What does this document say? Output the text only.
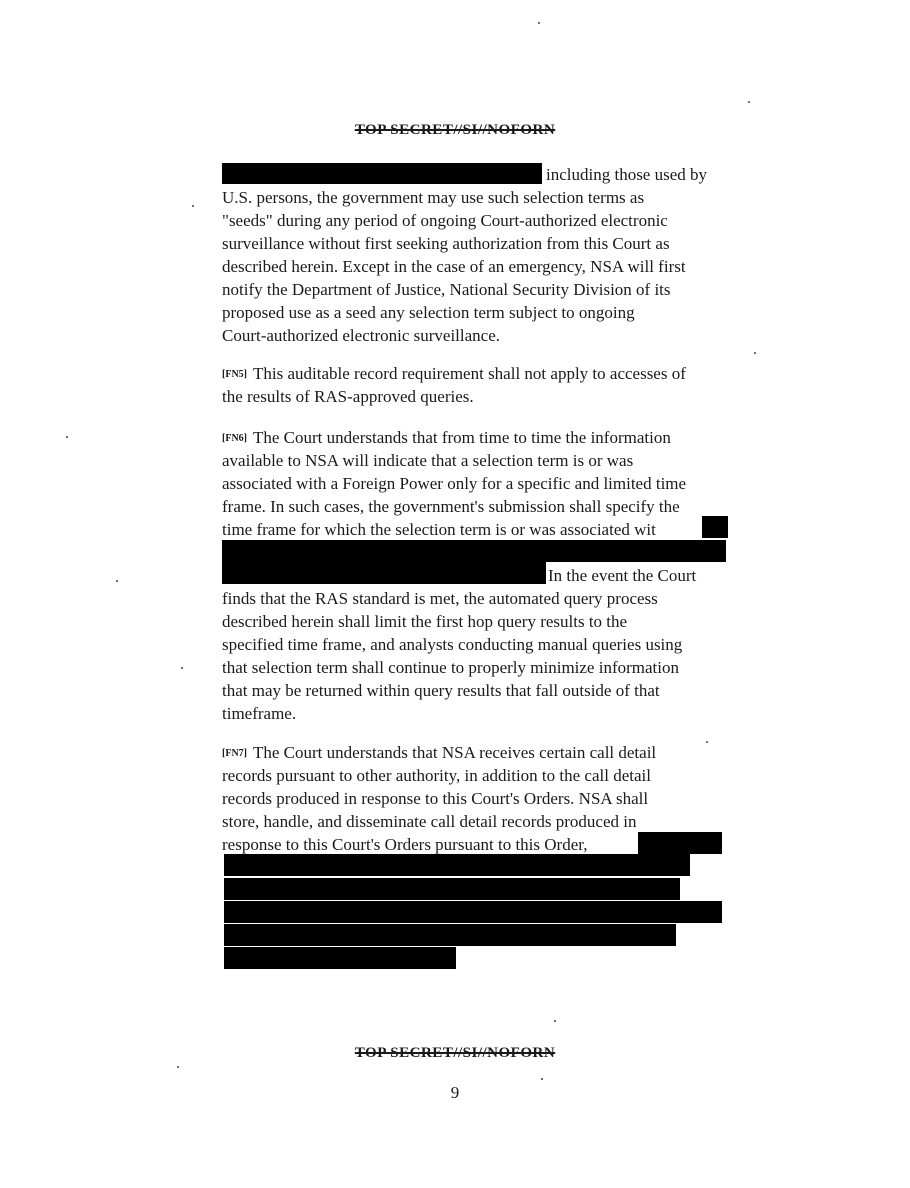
TOP SECRET//SI//NOFORN
including those used by
U.S. persons, the government may use such selection terms as
"seeds" during any period of ongoing Court-authorized electronic
surveillance without first seeking authorization from this Court as
described herein. Except in the case of an emergency, NSA will first
notify the Department of Justice, National Security Division of its
proposed use as a seed any selection term subject to ongoing
Court-authorized electronic surveillance.
[FN5] This auditable record requirement shall not apply to accesses of
the results of RAS-approved queries.
[FN6] The Court understands that from time to time the information
available to NSA will indicate that a selection term is or was
associated with a Foreign Power only for a specific and limited time
frame. In such cases, the government's submission shall specify the
time frame for which the selection term is or was associated wit
In the event the Court
finds that the RAS standard is met, the automated query process
described herein shall limit the first hop query results to the
specified time frame, and analysts conducting manual queries using
that selection term shall continue to properly minimize information
that may be returned within query results that fall outside of that
timeframe.
[FN7] The Court understands that NSA receives certain call detail
records pursuant to other authority, in addition to the call detail
records produced in response to this Court's Orders. NSA shall
store, handle, and disseminate call detail records produced in
response to this Court's Orders pursuant to this Order,
TOP SECRET//SI//NOFORN
9
